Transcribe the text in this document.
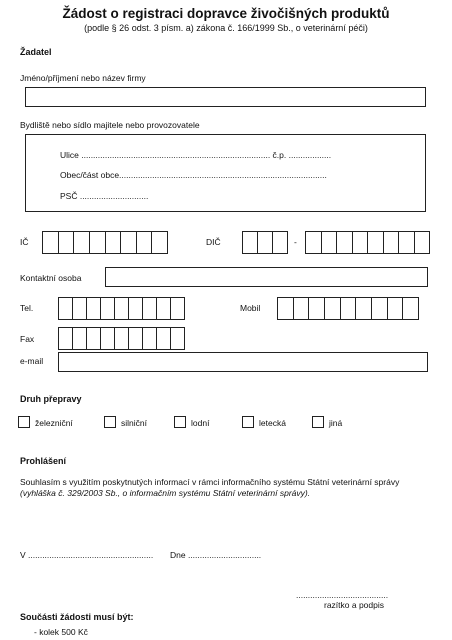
Žádost o registraci dopravce živočišných produktů
(podle § 26 odst. 3 písm. a) zákona č. 166/1999 Sb., o veterinární péči)
Žadatel
Jméno/příjmení nebo název firmy
Bydliště nebo sídlo majitele nebo provozovatele
Ulice ................................................................................ č.p. ..................
Obec/část obce........................................................................................
PSČ .............................
IČ	DIČ	-
Kontaktní osoba
Tel.	Mobil
Fax
e-mail
Druh přepravy
železniční	silniční	lodní	letecká	jiná
Prohlášení
Souhlasím s využitím poskytnutých informací v rámci informačního systému Státní veterinární správy (vyhláška č. 329/2003 Sb., o informačním systému Státní veterinární správy).
V ..................................................... Dne ...............................
.......................................
razítko a podpis
Součásti žádosti musí být:
- kolek 500 Kč
